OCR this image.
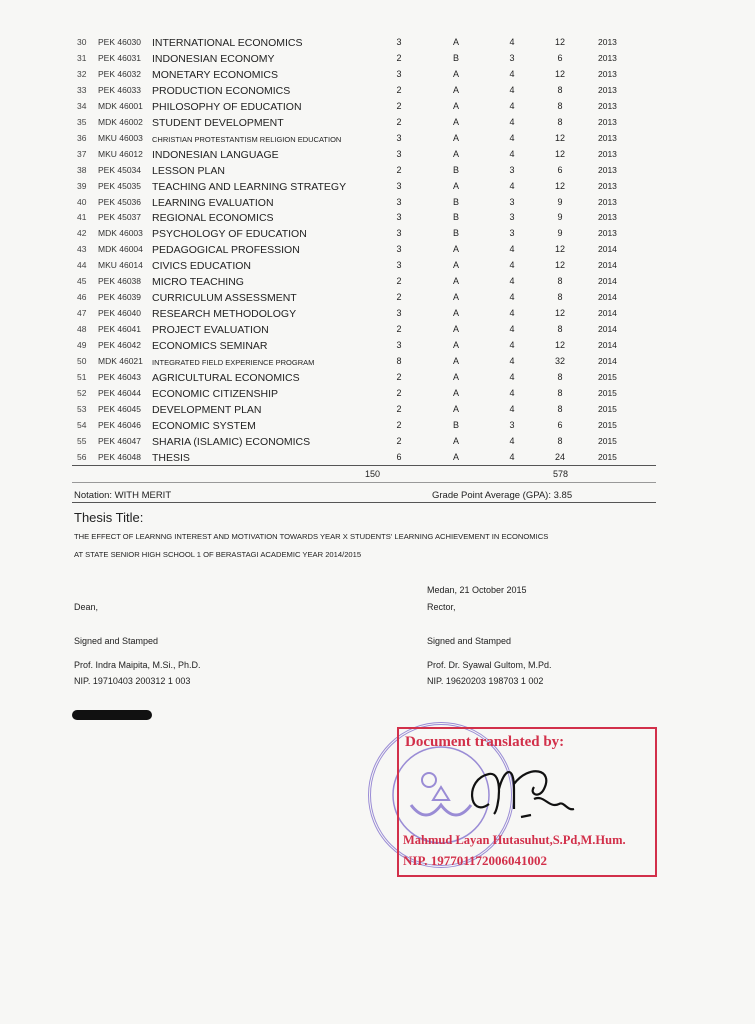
30 PEK 46030 INTERNATIONAL ECONOMICS	3	A	4	12	2013
31 PEK 46031 INDONESIAN ECONOMY	2	B	3	6	2013
32 PEK 46032 MONETARY ECONOMICS	3	A	4	12	2013
33 PEK 46033 PRODUCTION ECONOMICS	2	A	4	8	2013
34 MDK 46001 PHILOSOPHY OF EDUCATION	2	A	4	8	2013
35 MDK 46002 STUDENT DEVELOPMENT	2	A	4	8	2013
36 MKU 46003 CHRISTIAN PROTESTANTISM RELIGION EDUCATION	3	A	4	12	2013
37 MKU 46012 INDONESIAN LANGUAGE	3	A	4	12	2013
38 PEK 45034 LESSON PLAN	2	B	3	6	2013
39 PEK 45035 TEACHING AND LEARNING STRATEGY	3	A	4	12	2013
40 PEK 45036 LEARNING EVALUATION	3	B	3	9	2013
41 PEK 45037 REGIONAL ECONOMICS	3	B	3	9	2013
42 MDK 46003 PSYCHOLOGY OF EDUCATION	3	B	3	9	2013
43 MDK 46004 PEDAGOGICAL PROFESSION	3	A	4	12	2014
44 MKU 46014 CIVICS EDUCATION	3	A	4	12	2014
45 PEK 46038 MICRO TEACHING	2	A	4	8	2014
46 PEK 46039 CURRICULUM ASSESSMENT	2	A	4	8	2014
47 PEK 46040 RESEARCH METHODOLOGY	3	A	4	12	2014
48 PEK 46041 PROJECT EVALUATION	2	A	4	8	2014
49 PEK 46042 ECONOMICS SEMINAR	3	A	4	12	2014
50 MDK 46021 INTEGRATED FIELD EXPERIENCE PROGRAM	8	A	4	32	2014
51 PEK 46043 AGRICULTURAL ECONOMICS	2	A	4	8	2015
52 PEK 46044 ECONOMIC CITIZENSHIP	2	A	4	8	2015
53 PEK 46045 DEVELOPMENT PLAN	2	A	4	8	2015
54 PEK 46046 ECONOMIC SYSTEM	2	B	3	6	2015
55 PEK 46047 SHARIA (ISLAMIC) ECONOMICS	2	A	4	8	2015
56 PEK 46048 THESIS	6	A	4	24	2015
150	578
Notation: WITH MERIT	Grade Point Average (GPA): 3.85
Thesis Title:
THE EFFECT OF LEARNNG INTEREST AND MOTIVATION TOWARDS YEAR X STUDENTS' LEARNING ACHIEVEMENT IN ECONOMICS
AT STATE SENIOR HIGH SCHOOL 1 OF BERASTAGI ACADEMIC YEAR 2014/2015
Medan, 21 October 2015
Dean,	Rector,
Signed and Stamped	Signed and Stamped
Prof. Indra Maipita, M.Si., Ph.D.	Prof. Dr. Syawal Gultom, M.Pd.
NIP. 19710403 200312 1 003	NIP. 19620203 198703 1 002
Document translated by:
Mahmud Layan Hutasuhut,S.Pd,M.Hum.
NIP. 197701172006041002
